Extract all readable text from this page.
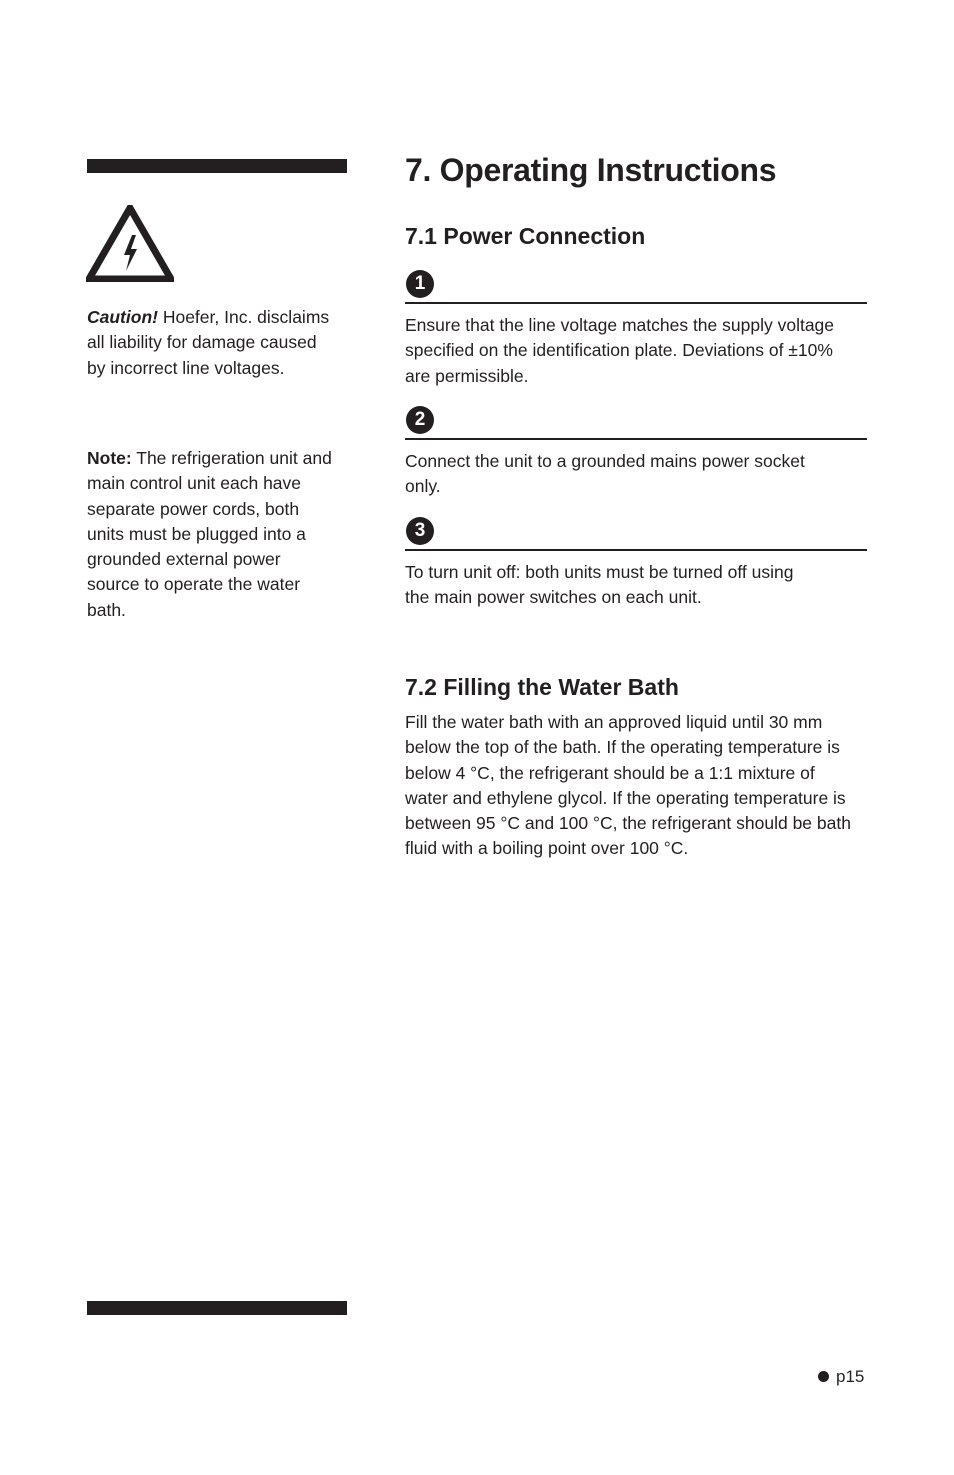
Caution! Hoefer, Inc. disclaims all liability for damage caused by incorrect line voltages.
Note: The refrigeration unit and main control unit each have separate power cords, both units must be plugged into a grounded external power source to operate the water bath.
7. Operating Instructions
7.1 Power Connection
1

Ensure that the line voltage matches the supply voltage specified on the identification plate. Deviations of ±10% are permissible.

2

Connect the unit to a grounded mains power socket only.

3

To turn unit off: both units must be turned off using the main power switches on each unit.

7.2 Filling the Water Bath

Fill the water bath with an approved liquid until 30 mm below the top of the bath. If the operating temperature is below 4 °C, the refrigerant should be a 1:1 mixture of water and ethylene glycol. If the operating temperature is between 95 °C and 100 °C, the refrigerant should be bath fluid with a boiling point over 100 °C.

p15
